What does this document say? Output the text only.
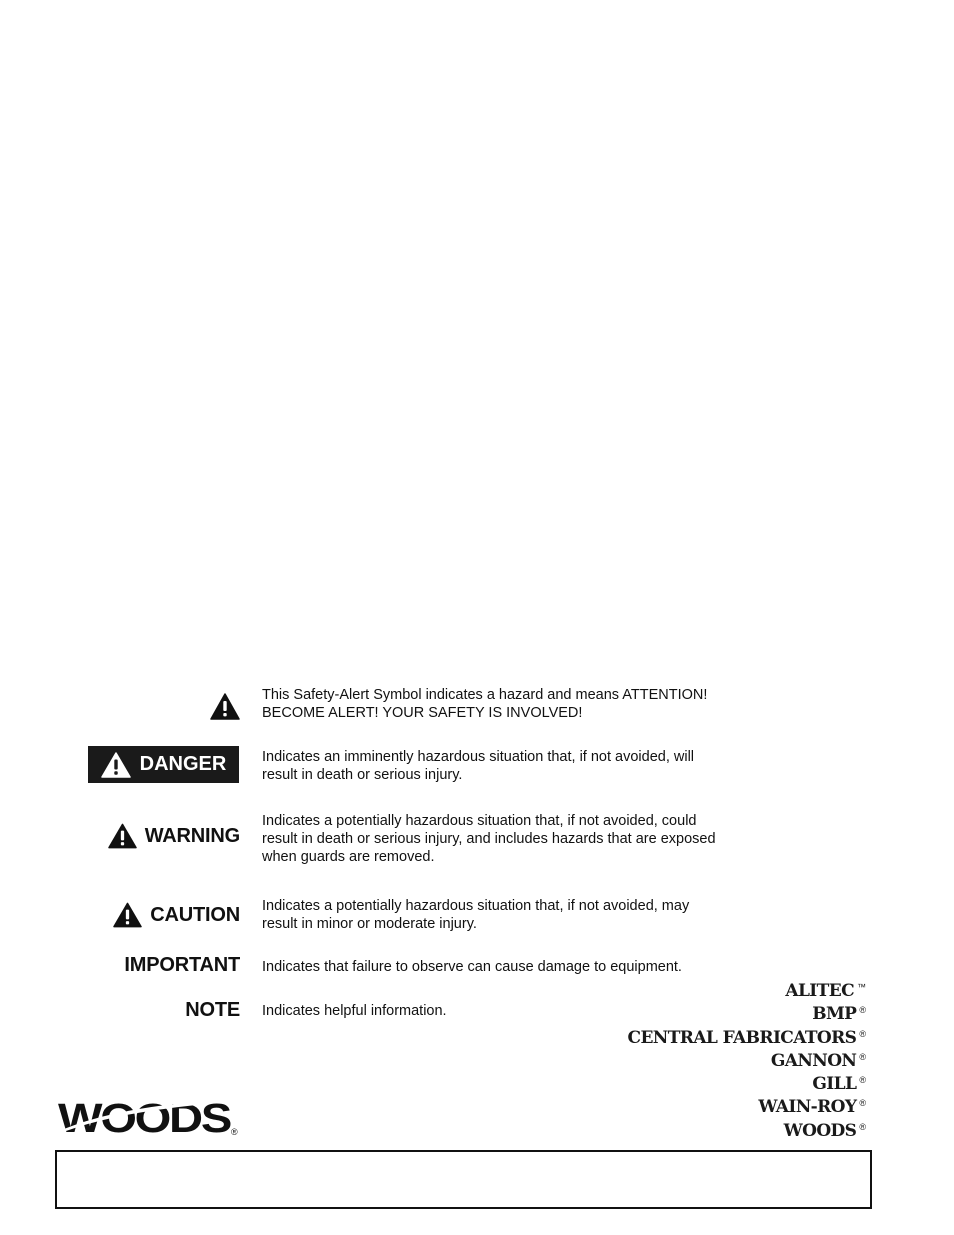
This Safety-Alert Symbol indicates a hazard and means ATTENTION!
BECOME ALERT! YOUR SAFETY IS INVOLVED!
DANGER Indicates an imminently hazardous situation that, if not avoided, will
result in death or serious injury.
WARNING
Indicates a potentially hazardous situation that, if not avoided, could
result in death or serious injury, and includes hazards that are exposed
when guards are removed.
CAUTION Indicates a potentially hazardous situation that, if not avoided, may
result in minor or moderate injury.
IMPORTANT Indicates that failure to observe can cause damage to equipment.
NOTE Indicates helpful information.
ALITEC ™
BMP ®
CENTRAL FABRICATORS ®
GANNON ®
GILL ®
WAIN-ROY ®
WOODS ®
WOODS ®
